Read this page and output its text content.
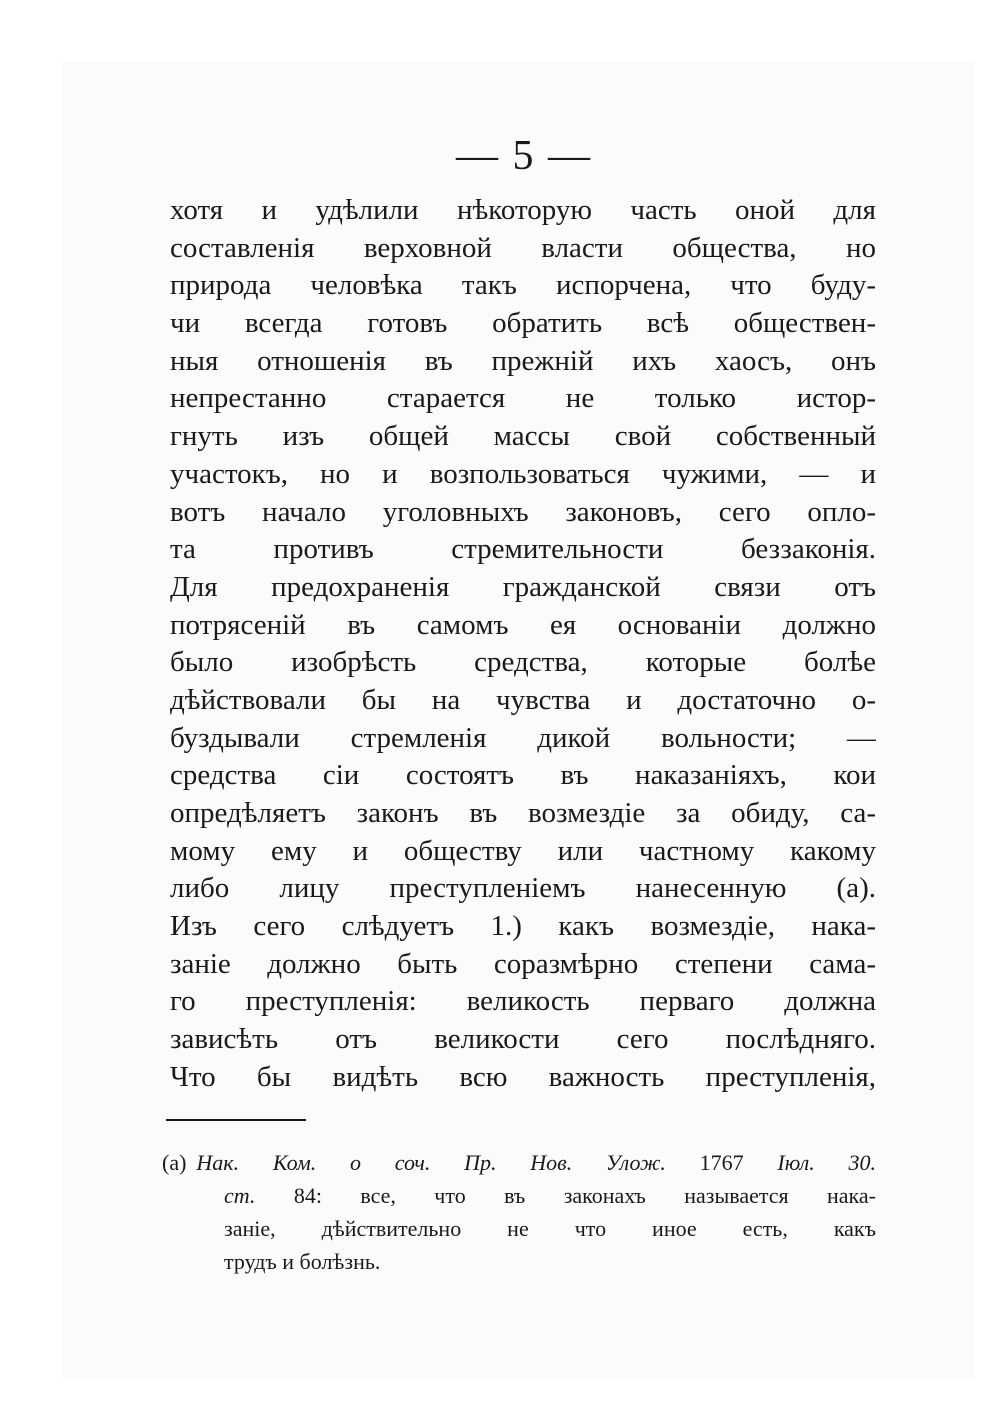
— 5 —
хотя и удѣлили нѣкоторую часть оной для
составленія верховной власти общества, но
природа человѣка такъ испорчена, что буду-
чи всегда готовъ обратить всѣ обществен-
ныя отношенія въ прежній ихъ хаосъ, онъ
непрестанно старается не только истор-
гнуть изъ общей массы свой собственный
участокъ, но и возпользоваться чужими, — и
вотъ начало уголовныхъ законовъ, сего опло-
та противъ стремительности беззаконія.
Для предохраненія гражданской связи отъ
потрясеній въ самомъ ея основаніи должно
было изобрѣсть средства, которые болѣе
дѣйствовали бы на чувства и достаточно о-
буздывали стремленія дикой вольности; —
средства сіи состоятъ въ наказаніяхъ, кои
опредѣляетъ законъ въ возмездіе за обиду, са-
мому ему и обществу или частному какому
либо лицу преступленіемъ нанесенную (а).
Изъ сего слѣдуетъ 1.) какъ возмездіе, нака-
заніе должно быть соразмѣрно степени сама-
го преступленія: великость перваго должна
зависѣть отъ великости сего послѣдняго.
Что бы видѣть всю важность преступленія,
(а) Нак. Ком. о соч. Пр. Нов. Улож. 1767 Іюл. 30.
ст. 84: все, что въ законахъ называется нака-
заніе, дѣйствительно не что иное есть, какъ
трудъ и болѣзнь.
